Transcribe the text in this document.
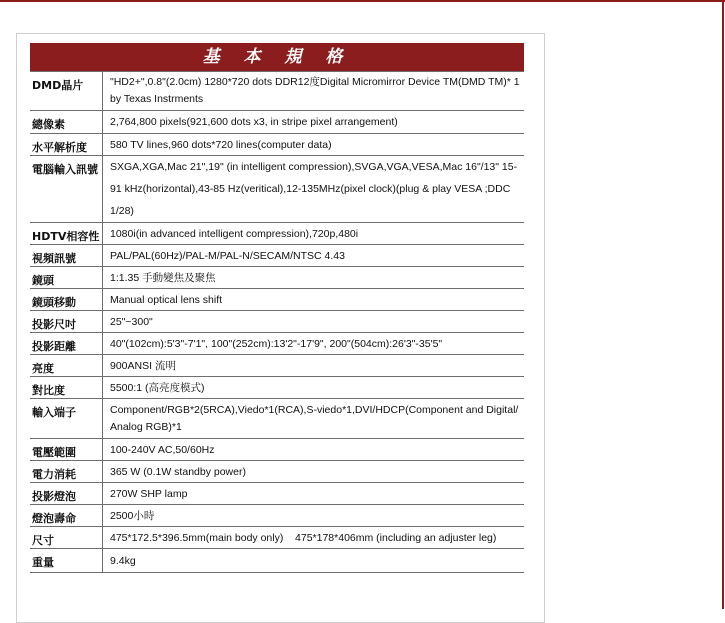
基 本 規 格
DMD晶片	"HD2+",0.8"(2.0cm) 1280*720 dots DDR12度Digital Micromirror Device TM(DMD TM)* 1 by Texas Instrments
總像素	2,764,800 pixels(921,600 dots x3, in stripe pixel arrangement)
水平解析度	580 TV lines,960 dots*720 lines(computer data)
電腦輸入訊號	SXGA,XGA,Mac 21",19" (in intelligent compression),SVGA,VGA,VESA,Mac 16"/13" 15-91 kHz(horizontal),43-85 Hz(veritical),12-135MHz(pixel clock)(plug & play VESA ;DDC 1/28)
HDTV相容性 1080i(in advanced intelligent compression),720p,480i
視頻訊號	PAL/PAL(60Hz)/PAL-M/PAL-N/SECAM/NTSC 4.43
鏡頭	1:1.35 手動變焦及聚焦
鏡頭移動	Manual optical lens shift
投影尺吋	25"~300"
投影距離	40"(102cm):5'3"-7'1", 100"(252cm):13'2"-17'9", 200"(504cm):26'3"-35'5"
亮度	900ANSI 流明
對比度	5500:1 (高亮度模式)
輸入端子	Component/RGB*2(5RCA),Viedo*1(RCA),S-viedo*1,DVI/HDCP(Component and Digital/ Analog RGB)*1
電壓範圍	100-240V AC,50/60Hz
電力消耗	365 W (0.1W standby power)
投影燈泡	270W SHP lamp
燈泡壽命	2500小時
尺寸	475*172.5*396.5mm(main body only)    475*178*406mm (including an adjuster leg)
重量	9.4kg
